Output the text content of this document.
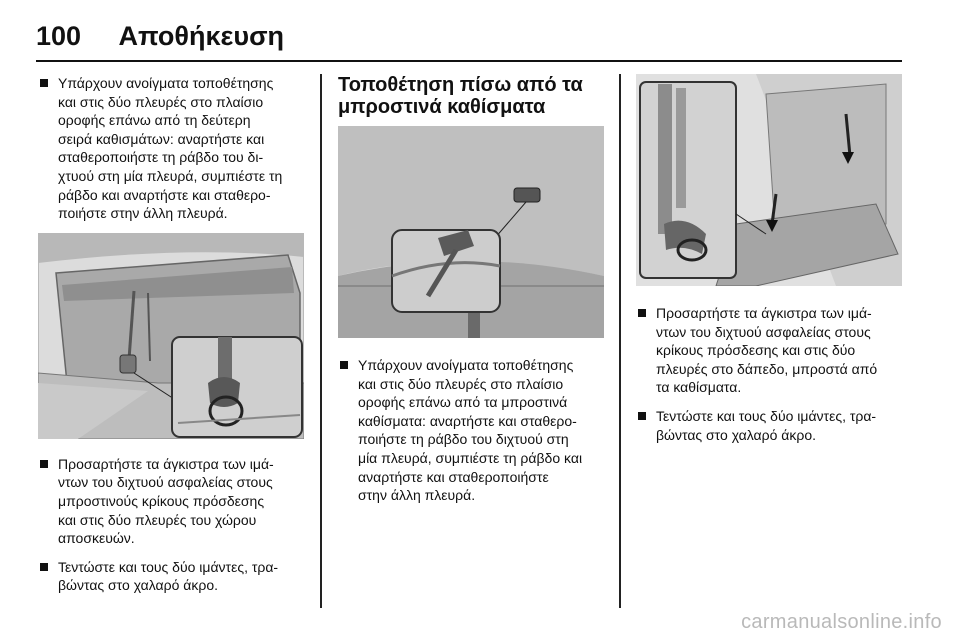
100 Αποθήκευση
Υπάρχουν ανοίγματα τοποθέτησης
και στις δύο πλευρές στο πλαίσιο
οροφής επάνω από τη δεύτερη
σειρά καθισμάτων: αναρτήστε και
σταθεροποιήστε τη ράβδο του δι-
χτυού στη μία πλευρά, συμπιέστε τη
ράβδο και αναρτήστε και σταθερο-
ποιήστε στην άλλη πλευρά.
Προσαρτήστε τα άγκιστρα των ιμά-
ντων του διχτυού ασφαλείας στους
μπροστινούς κρίκους πρόσδεσης
και στις δύο πλευρές του χώρου
αποσκευών.
Τεντώστε και τους δύο ιμάντες, τρα-
βώντας στο χαλαρό άκρο.
Τοποθέτηση πίσω από τα
μπροστινά καθίσματα
Υπάρχουν ανοίγματα τοποθέτησης
και στις δύο πλευρές στο πλαίσιο
οροφής επάνω από τα μπροστινά
καθίσματα: αναρτήστε και σταθερο-
ποιήστε τη ράβδο του διχτυού στη
μία πλευρά, συμπιέστε τη ράβδο και
αναρτήστε και σταθεροποιήστε
στην άλλη πλευρά.
Προσαρτήστε τα άγκιστρα των ιμά-
ντων του διχτυού ασφαλείας στους
κρίκους πρόσδεσης και στις δύο
πλευρές στο δάπεδο, μπροστά από
τα καθίσματα.
Τεντώστε και τους δύο ιμάντες, τρα-
βώντας στο χαλαρό άκρο.
carmanualsonline.info
